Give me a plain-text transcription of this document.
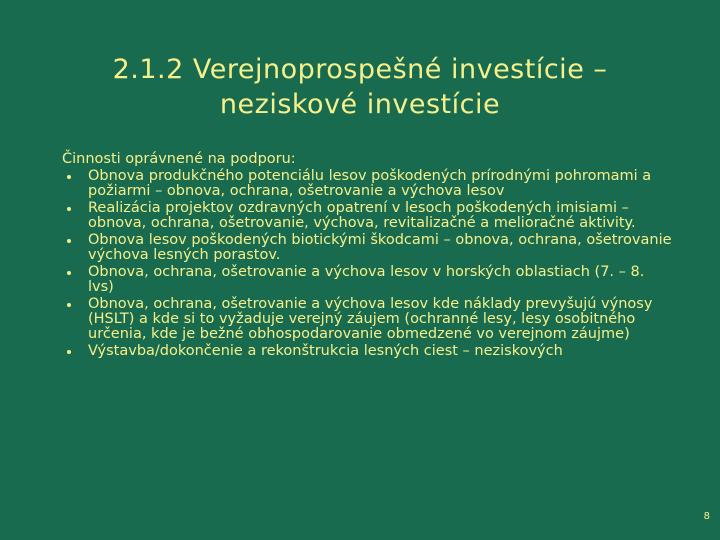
2.1.2 Verejnoprospešné investície –
neziskové investície
Činnosti oprávnené na podporu:
Obnova produkčného potenciálu lesov poškodených prírodnými pohromami a požiarmi – obnova, ochrana, ošetrovanie a výchova lesov
Realizácia projektov ozdravných opatrení v lesoch poškodených imisiami – obnova, ochrana, ošetrovanie, výchova, revitalizačné a melioračné aktivity.
Obnova lesov poškodených biotickými škodcami – obnova, ochrana, ošetrovanie výchova lesných porastov.
Obnova, ochrana, ošetrovanie a výchova lesov v horských oblastiach (7. – 8. lvs)
Obnova, ochrana, ošetrovanie a výchova lesov kde náklady prevyšujú výnosy (HSLT) a kde si to vyžaduje verejný záujem (ochranné lesy, lesy osobitného určenia, kde je bežné obhospodarovanie obmedzené vo verejnom záujme)
Výstavba/dokončenie a rekonštrukcia lesných ciest – neziskových
8
